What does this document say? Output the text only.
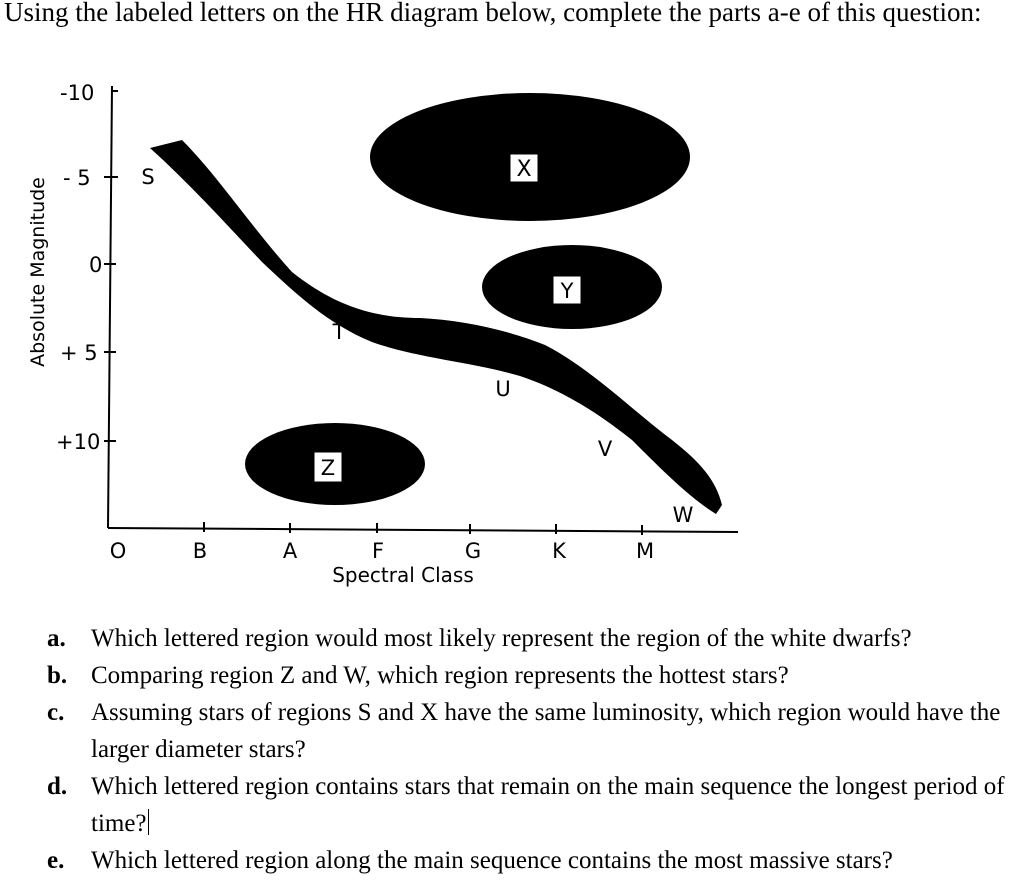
Using the labeled letters on the HR diagram below, complete the parts a-e of this question:
-10
- 5
0
+ 5
+10
Absolute Magnitude
O	B	A	F	G	K	M
Spectral Class
X
Y
Z
S
T
U
V
W
a.	Which lettered region would most likely represent the region of the white dwarfs?
b. Comparing region Z and W, which region represents the hottest stars?
c.	Assuming stars of regions S and X have the same luminosity, which region would have the larger diameter stars?
d. Which lettered region contains stars that remain on the main sequence the longest period of time?
e.	Which lettered region along the main sequence contains the most massive stars?
